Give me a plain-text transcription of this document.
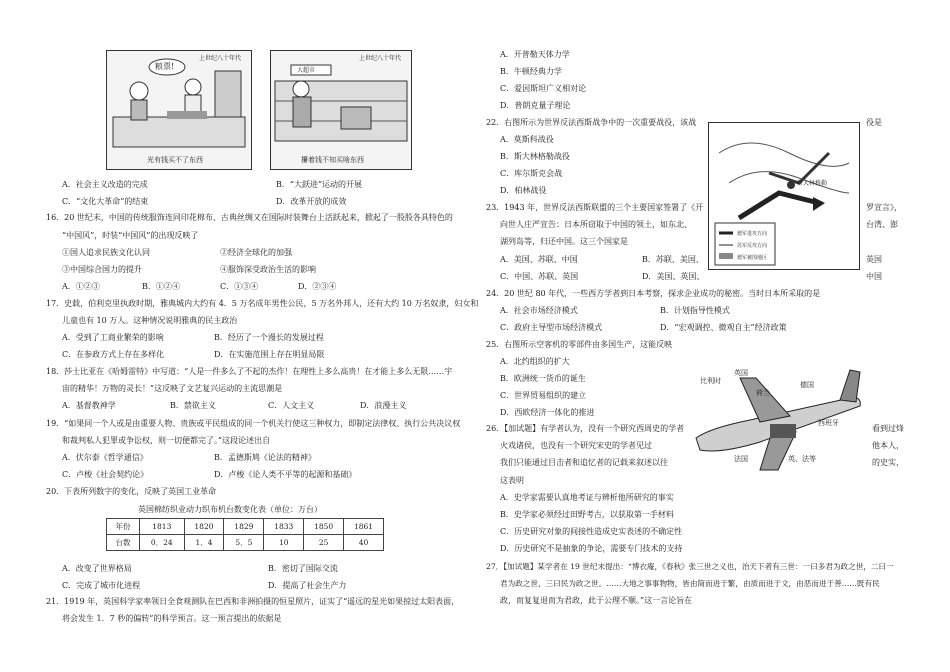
上世纪八十年代
粮票!
光有钱买不了东西
上世纪八十年代
大超市
攥着钱不知买啥东西
A．社会主义改造的完成	B．“大跃进”运动的开展
C．“文化大革命”的结束	D．改革开放的成效
16．20 世纪末，中国的传统服饰连同印花棉布、古典丝绸又在国际时装舞台上活跃起来，掀起了一股股各具特色的
“中国风”，时装“中国风”的出现反映了
①国人追求民族文化认同	②经济全球化的加强
③中国综合国力的提升	④服饰深受政治生活的影响
A．①②③	B．①②④	C．①③④	D．②③④
17．史载，伯利克里执政时期，雅典城内大约有 4．5 万名成年男性公民，5 万名外邦人，还有大约 10 万名奴隶，妇女和
儿童也有 10 万人。这种情况说明雅典的民主政治
A．受到了工商业繁荣的影响	B．经历了一个漫长的发展过程
C．在参政方式上存在多样化	D．在实施范围上存在明显局限
18．莎士比亚在《哈姆雷特》中写道：“人是一件多么了不起的杰作！在理性上多么高贵！在才能上多么无限……宇
宙的精华！万物的灵长！”这反映了文艺复兴运动的主流思潮是
A．基督教神学	B．禁欲主义	C．人文主义	D．浪漫主义
19．“如果同一个人或是由重要人物、贵族或平民组成的同一个机关行使这三种权力，即制定法律权、执行公共决议权
和裁判私人犯罪或争讼权，则一切便都完了。”这段论述出自
A．伏尔泰《哲学通信》	B．孟德斯鸠《论法的精神》
C．卢梭《社会契约论》	D．卢梭《论人类不平等的起源和基础》
20．下表所列数字的变化，反映了英国工业革命
英国棉纺织业动力织布机台数变化表（单位：万台）
年份	1813	1820	1829	1833	1850	1861
台数	0．24	1．4	5．5	10	25	40
A．改变了世界格局	B．密切了国际交流
C．完成了城市化进程	D．提高了社会生产力
21．1919 年，英国科学家率领日全食观测队在巴西和非洲拍摄的恒星照片，证实了“遥远的星光如果掠过太阳表面，
将会发生 1．7 秒的偏转”的科学预言。这一预言提出的依据是
A．开普勒天体力学
B．牛顿经典力学
C．爱因斯坦广义相对论
D．普朗克量子理论
22．右图所示为世界反法西斯战争中的一次重要战役，该战	役是
A．莫斯科战役
B．斯大林格勒战役
C．库尔斯克会战
D．柏林战役
斯大林格勒
德军进攻方向
苏军反攻方向
德军被围地区
23．1943 年，世界反法西斯联盟的三个主要国家签署了《开	罗宣言》，
向世人庄严宣告：日本所窃取于中国的领土，如东北、	台湾、澎
湖列岛等，归还中国。这三个国家是
A．美国、苏联、中国	B．苏联、美国、	英国
C．中国、苏联、英国	D．美国、英国、	中国
24．20 世纪 80 年代，一些西方学者到日本考察，探求企业成功的秘密。当时日本所采取的是
A．社会市场经济模式	B．计划指导性模式
C．政府主导型市场经济模式	D．“宏观调控、微观自主”经济政策
25．右图所示空客机的零部件由多国生产，这能反映
A．北约组织的扩大
B．欧洲统一货币的诞生
C．世界贸易组织的建立
D．西欧经济一体化的推进
英国
比利时
荷兰
德国
西班牙
法国	英、法等
26．【加试题】有学者认为，没有一个研究西周史的学者	看到过烽
火戏诸侯，也没有一个研究宋史的学者见过	他本人，
我们只能通过目击者和追忆者的记载来叙述以往	的史实，
这表明
A．史学家需要认真地考证与辨析他所研究的事实
B．史学家必须经过田野考古，以获取第一手材料
C．历史研究对象的间接性造成史实表述的不确定性
D．历史研究不是抽象的争论，需要专门技术的支持
27．【加试题】某学者在 19 世纪末提出：“博衣庵，《春秋》张三世之义也，治天下者有三世：一曰多君为政之世，二曰一
君为政之世，三曰民为政之世。……大地之事事物物，皆由简而进于繁，由质而进于文，由恶而进于善……既有民
政，而复复退而为君政，此于公理不顺。”这一言论旨在
